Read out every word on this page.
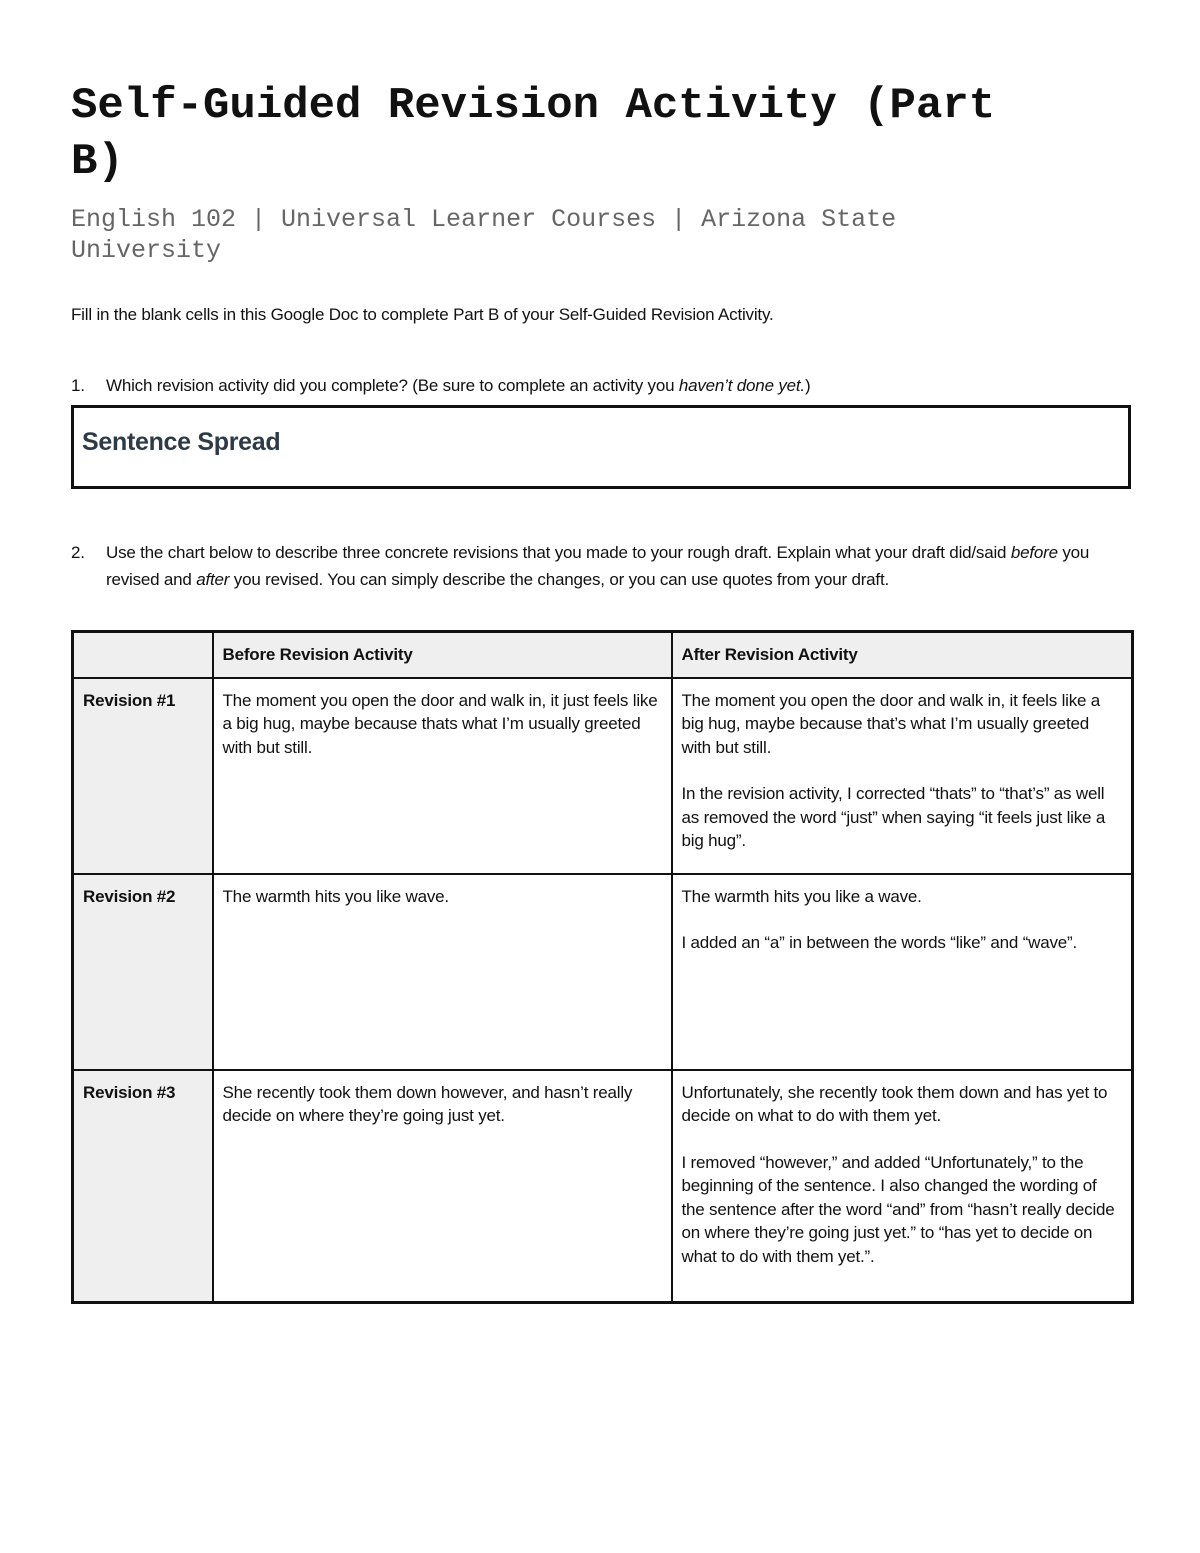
Self-Guided Revision Activity (Part B)
English 102 | Universal Learner Courses | Arizona State University

Fill in the blank cells in this Google Doc to complete Part B of your Self-Guided Revision Activity.

1. Which revision activity did you complete? (Be sure to complete an activity you haven’t done yet.)
Sentence Spread
2. Use the chart below to describe three concrete revisions that you made to your rough draft. Explain what your draft did/said before you revised and after you revised. You can simply describe the changes, or you can use quotes from your draft.
	Before Revision Activity	After Revision Activity
Revision #1	The moment you open the door and walk in, it just feels like a big hug, maybe because thats what I’m usually greeted with but still.	The moment you open the door and walk in, it feels like a big hug, maybe because that’s what I’m usually greeted with but still.

In the revision activity, I corrected “thats” to “that’s” as well as removed the word “just” when saying “it feels just like a big hug”.

Revision #2	The warmth hits you like wave.	The warmth hits you like a wave.

I added an “a” in between the words “like” and “wave”.

Revision #3	She recently took them down however, and hasn’t really decide on where they’re going just yet.	Unfortunately, she recently took them down and has yet to decide on what to do with them yet.

I removed “however,” and added “Unfortunately,” to the beginning of the sentence. I also changed the wording of the sentence after the word “and” from “hasn’t really decide on where they’re going just yet.” to “has yet to decide on what to do with them yet.”.
